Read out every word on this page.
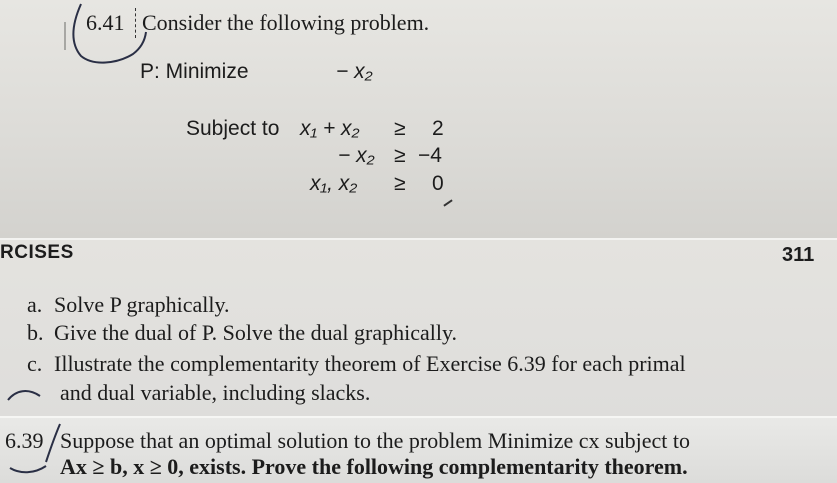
6.41 Consider the following problem.
P: Minimize	− x₂
Subject to x₁ + x₂ ≥ 2
− x₂ ≥ −4
x₁, x₂ ≥ 0
RCISES	311
a. Solve P graphically.
b. Give the dual of P. Solve the dual graphically.
c. Illustrate the complementarity theorem of Exercise 6.39 for each primal
and dual variable, including slacks.
6.39 Suppose that an optimal solution to the problem Minimize cx subject to
Ax ≥ b, x ≥ 0, exists. Prove the following complementarity theorem.
